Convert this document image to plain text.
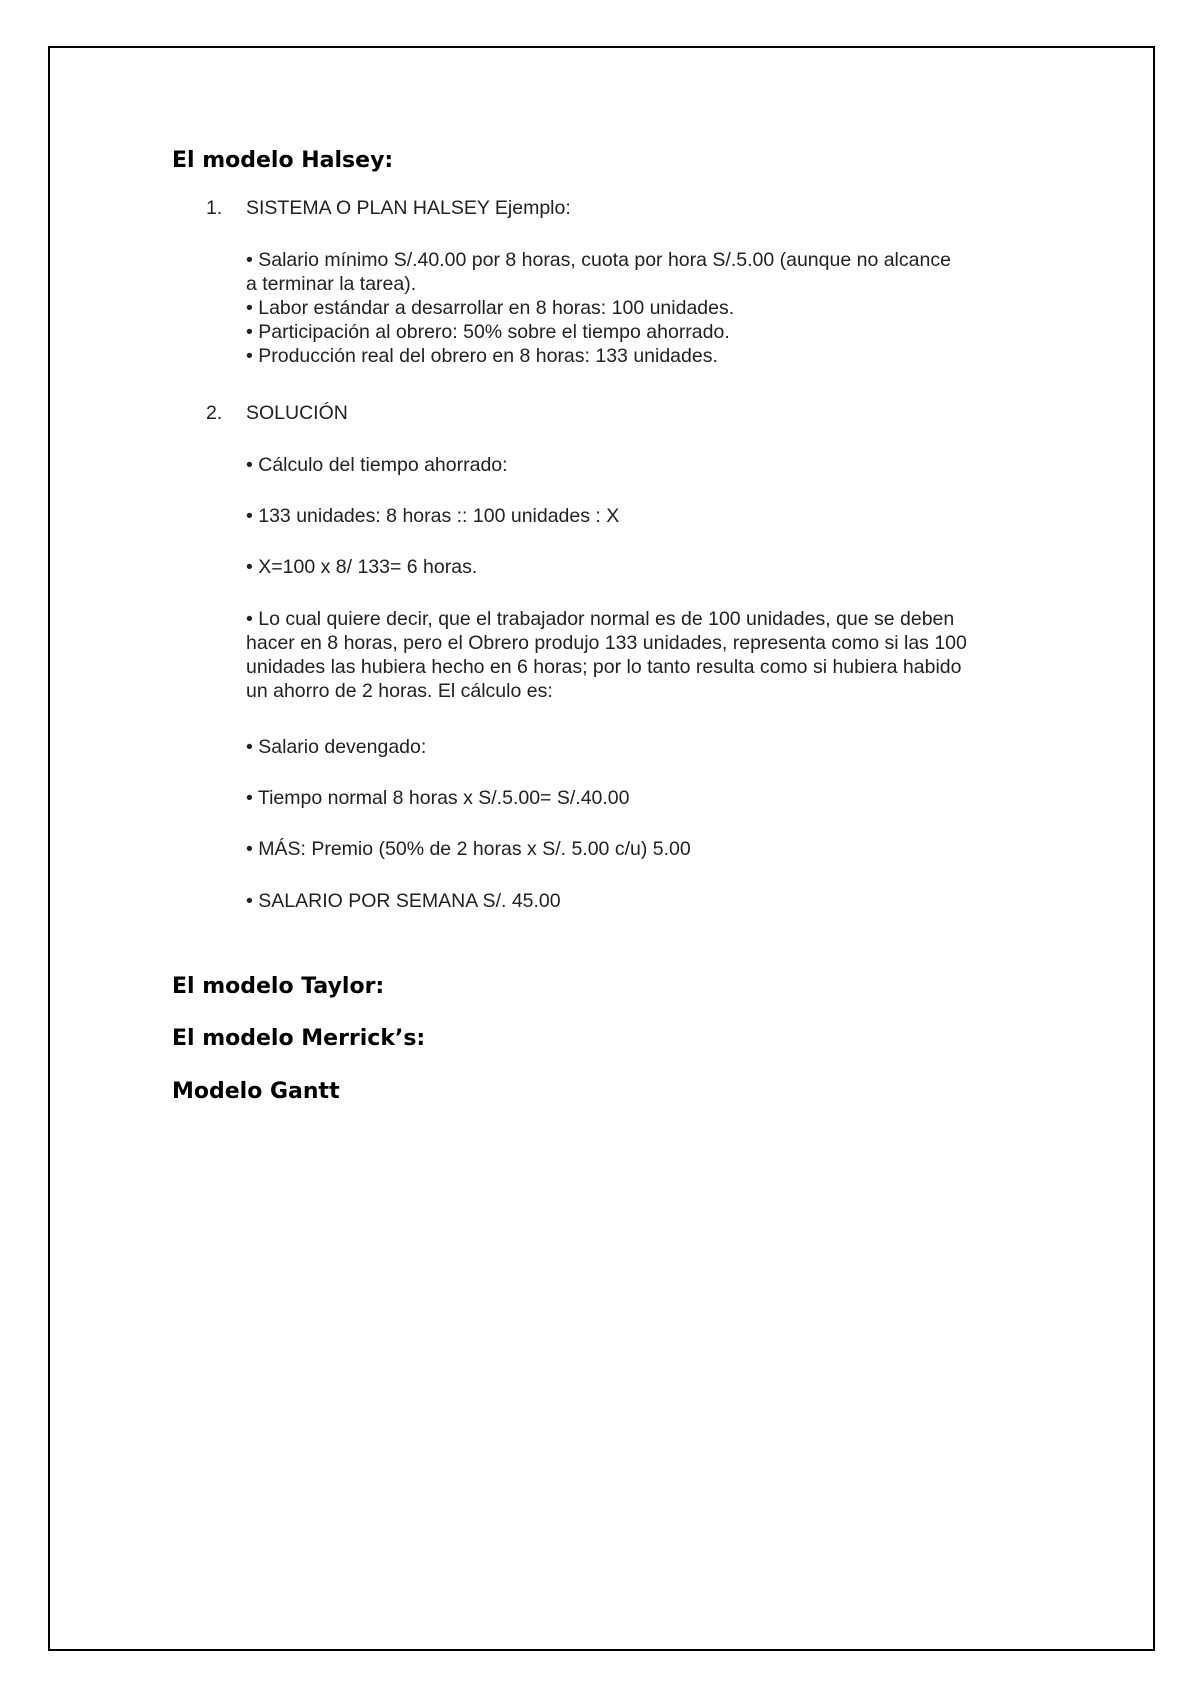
El modelo Halsey:
1. SISTEMA O PLAN HALSEY Ejemplo:
• Salario mínimo S/.40.00 por 8 horas, cuota por hora S/.5.00 (aunque no alcance
a terminar la tarea).
• Labor estándar a desarrollar en 8 horas: 100 unidades.
• Participación al obrero: 50% sobre el tiempo ahorrado.
• Producción real del obrero en 8 horas: 133 unidades.
2. SOLUCIÓN
• Cálculo del tiempo ahorrado:
• 133 unidades: 8 horas :: 100 unidades : X
• X=100 x 8/ 133= 6 horas.
• Lo cual quiere decir, que el trabajador normal es de 100 unidades, que se deben
hacer en 8 horas, pero el Obrero produjo 133 unidades, representa como si las 100
unidades las hubiera hecho en 6 horas; por lo tanto resulta como si hubiera habido
un ahorro de 2 horas. El cálculo es:
• Salario devengado:
• Tiempo normal 8 horas x S/.5.00= S/.40.00
• MÁS: Premio (50% de 2 horas x S/. 5.00 c/u) 5.00
• SALARIO POR SEMANA S/. 45.00
El modelo Taylor:
El modelo Merrick’s:
Modelo Gantt
